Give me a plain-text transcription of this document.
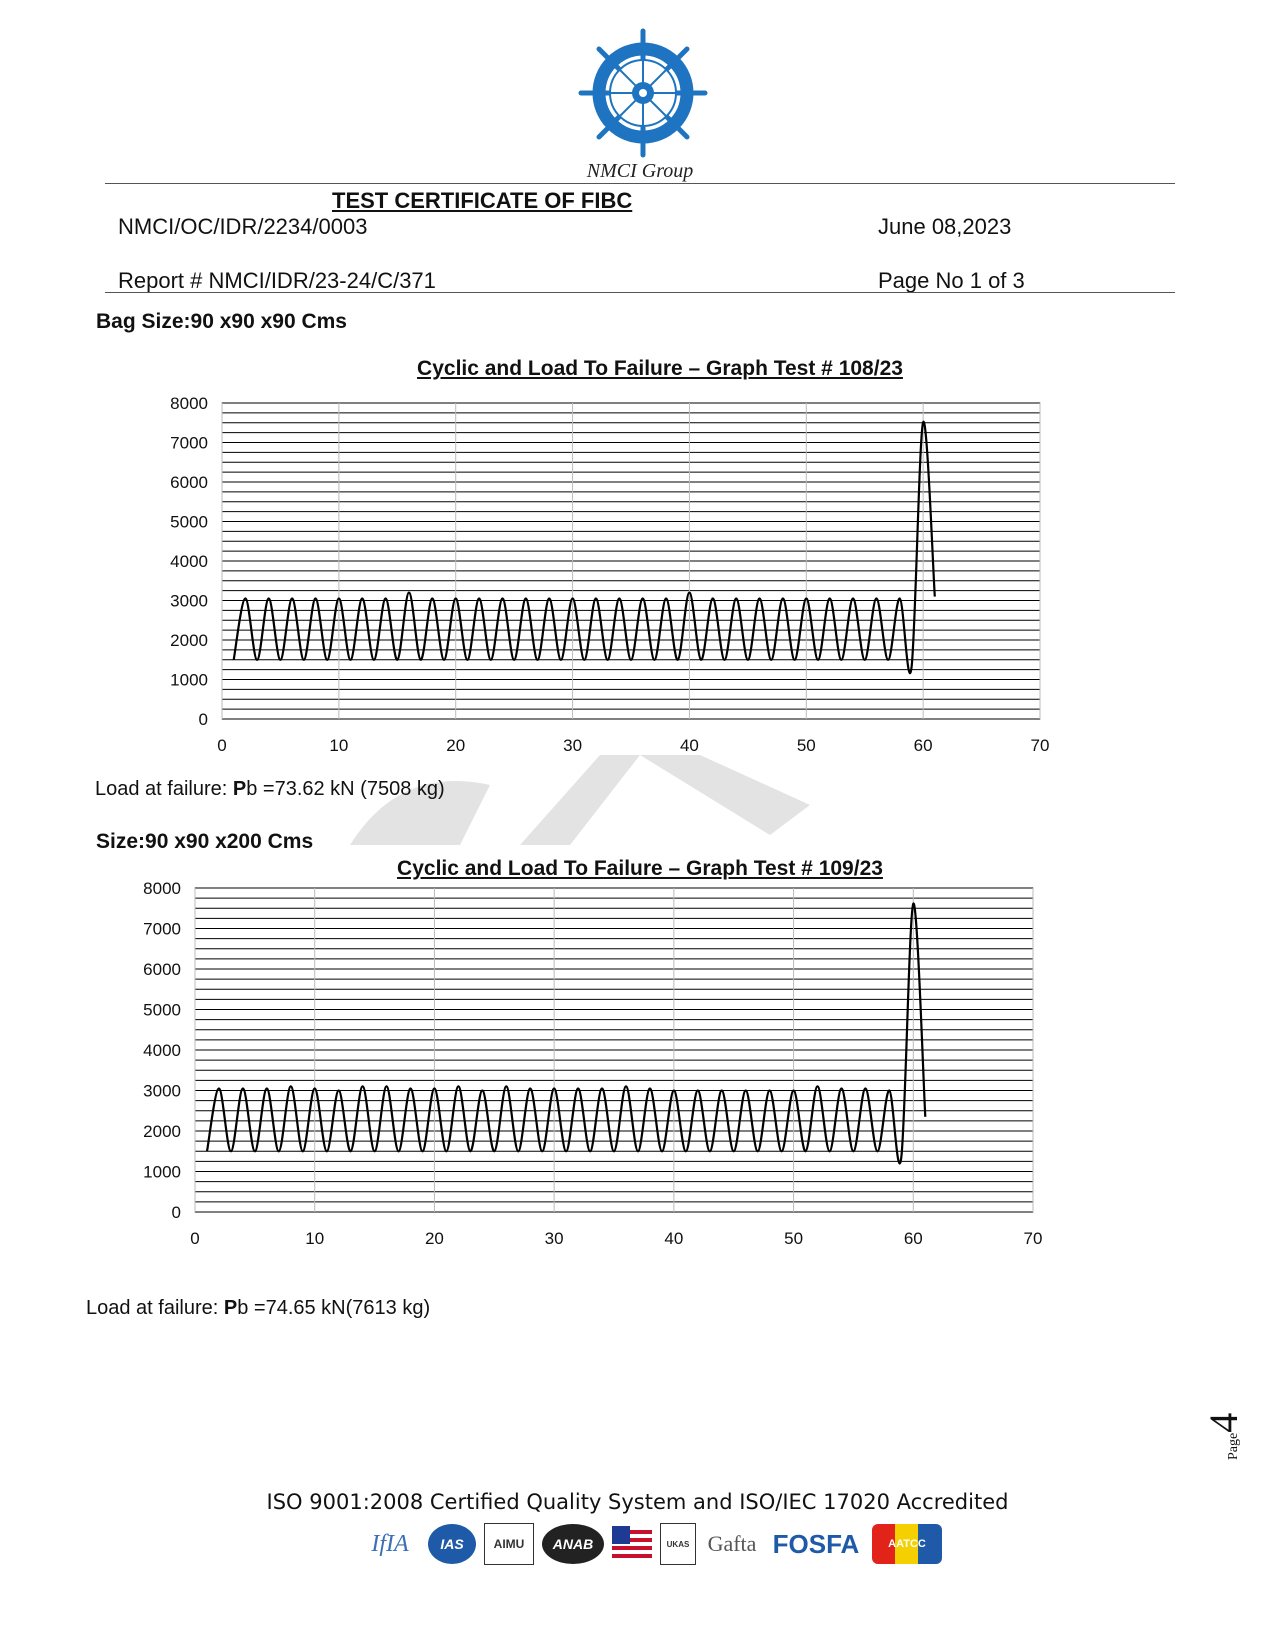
NMCI Group
TEST CERTIFICATE OF FIBC
NMCI/OC/IDR/2234/0003	June 08,2023
Report # NMCI/IDR/23-24/C/371	Page No 1 of 3
Bag Size:90 x90 x90 Cms
Cyclic and Load To Failure – Graph Test # 108/23
0
1000
2000
3000
4000
5000
6000
7000
8000
0	10	20	30	40	50	60	70
Load at failure: Pb =73.62 kN (7508 kg)
Size:90 x90 x200 Cms
Cyclic and Load To Failure – Graph Test # 109/23
0
1000
2000
3000
4000
5000
6000
7000
8000
0	10	20	30	40	50	60	70
Load at failure: Pb =74.65 kN(7613 kg)
Page4
ISO 9001:2008 Certified Quality System and ISO/IEC 17020 Accredited
IfIA	IAS	AIMU	ANAB	UKAS Gafta FOSFA	AATCC
